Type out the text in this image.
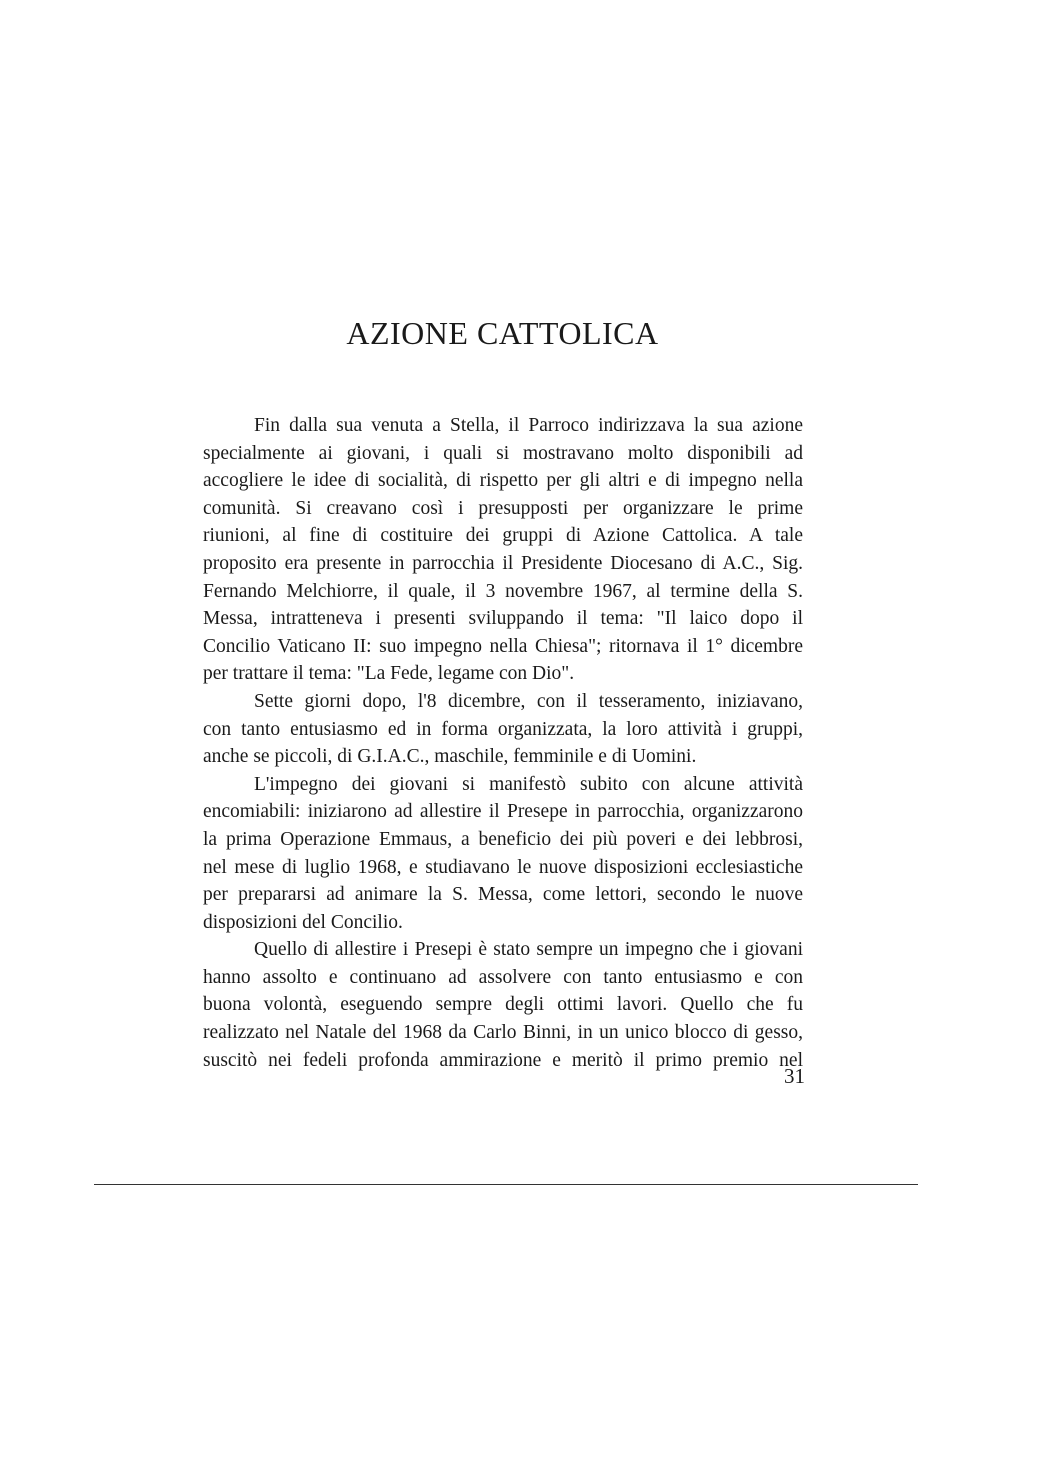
AZIONE CATTOLICA
Fin dalla sua venuta a Stella, il Parroco indirizzava la sua azione
specialmente ai giovani, i quali si mostravano molto disponibili ad
accogliere le idee di socialità, di rispetto per gli altri e di impegno nella
comunità. Si creavano così i presupposti per organizzare le prime
riunioni, al fine di costituire dei gruppi di Azione Cattolica. A tale
proposito era presente in parrocchia il Presidente Diocesano di A.C., Sig.
Fernando Melchiorre, il quale, il 3 novembre 1967, al termine della S.
Messa, intratteneva i presenti sviluppando il tema: "Il laico dopo il
Concilio Vaticano II: suo impegno nella Chiesa"; ritornava il 1° dicembre
per trattare il tema: "La Fede, legame con Dio".
Sette giorni dopo, l'8 dicembre, con il tesseramento, iniziavano,
con tanto entusiasmo ed in forma organizzata, la loro attività i gruppi,
anche se piccoli, di G.I.A.C., maschile, femminile e di Uomini.
L'impegno dei giovani si manifestò subito con alcune attività
encomiabili: iniziarono ad allestire il Presepe in parrocchia, organizzarono
la prima Operazione Emmaus, a beneficio dei più poveri e dei lebbrosi,
nel mese di luglio 1968, e studiavano le nuove disposizioni ecclesiastiche
per prepararsi ad animare la S. Messa, come lettori, secondo le nuove
disposizioni del Concilio.
Quello di allestire i Presepi è stato sempre un impegno che i giovani
hanno assolto e continuano ad assolvere con tanto entusiasmo e con
buona volontà, eseguendo sempre degli ottimi lavori. Quello che fu
realizzato nel Natale del 1968 da Carlo Binni, in un unico blocco di gesso,
suscitò nei fedeli profonda ammirazione e meritò il primo premio nel
31
